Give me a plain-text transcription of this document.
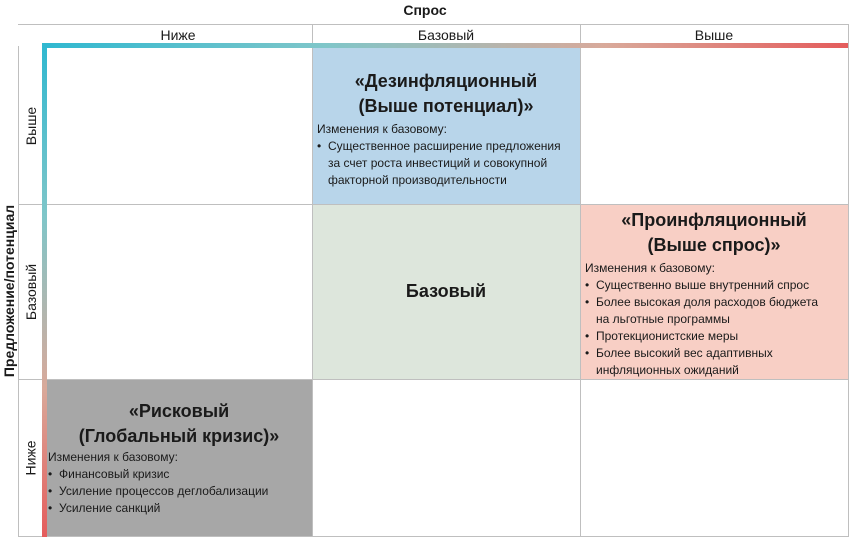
Спрос
Предложение/потенциал
Ниже	Базовый	Выше
Выше
Базовый
Ниже
«Дезинфляционный
(Выше потенциал)»
Изменения к базовому:
• Существенное расширение предложения за счет роста инвестиций и совокупной факторной производительности
Базовый
«Проинфляционный
(Выше спрос)»
Изменения к базовому:
• Существенно выше внутренний спрос
• Более высокая доля расходов бюджета на льготные программы
• Протекционистские меры
• Более высокий вес адаптивных инфляционных ожиданий
«Рисковый
(Глобальный кризис)»
Изменения к базовому:
• Финансовый кризис
• Усиление процессов деглобализации
• Усиление санкций
